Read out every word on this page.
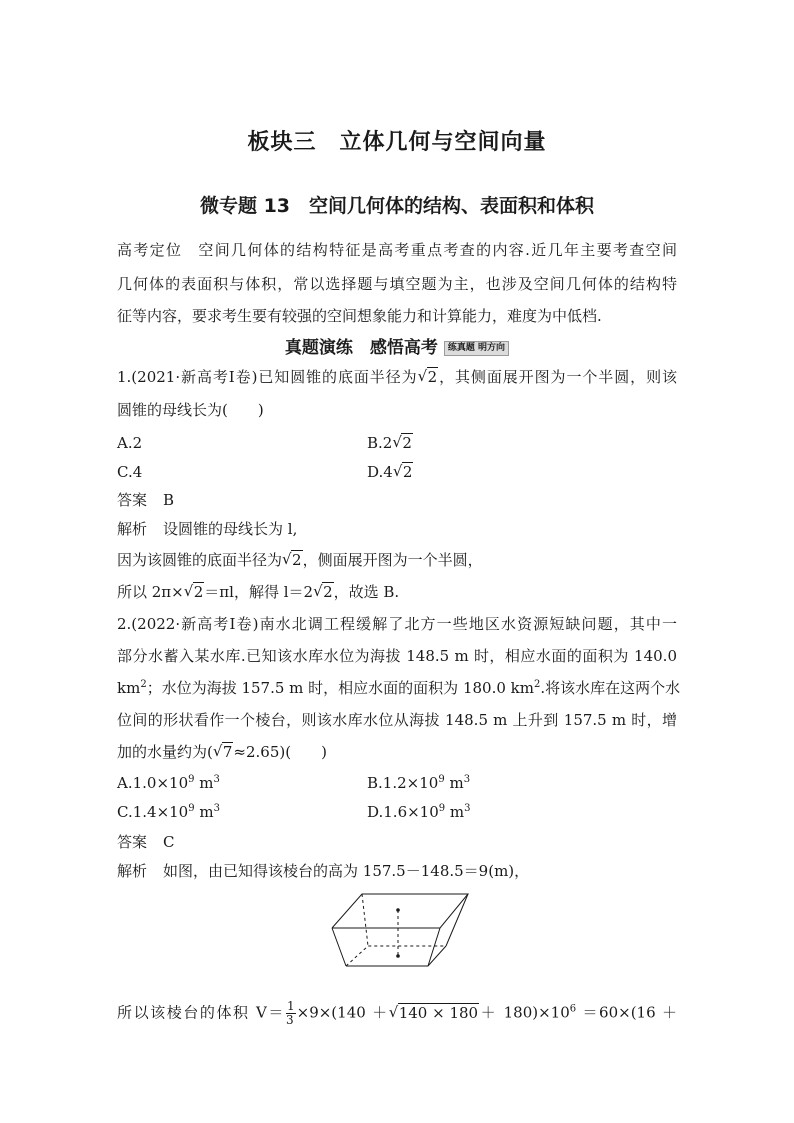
板块三　立体几何与空间向量
微专题 13　空间几何体的结构、表面积和体积
高考定位 空间几何体的结构特征是高考重点考查的内容.近几年主要考查空间
几何体的表面积与体积，常以选择题与填空题为主，也涉及空间几何体的结构特
征等内容，要求考生要有较强的空间想象能力和计算能力，难度为中低档.
真题演练　感悟高考 练真题 明方向
1.(2021·新高考Ⅰ卷)已知圆锥的底面半径为 √ 2，其侧面展开图为一个半圆，则该
圆锥的母线长为(　　)
A.2	B.2 √ 2
C.4	D.4 √ 2
答案 B
解析 设圆锥的母线长为 l,
因为该圆锥的底面半径为 √ 2，侧面展开图为一个半圆，
所以 2π× √ 2＝πl，解得 l＝2 √ 2，故选 B.
2.(2022·新高考Ⅰ卷)南水北调工程缓解了北方一些地区水资源短缺问题，其中一
部分水蓄入某水库.已知该水库水位为海拔 148.5 m 时，相应水面的面积为 140.0
$km^2$；水位为海拔 157.5 m 时，相应水面的面积为 180.0 $km^2$.将该水库在这两个水
位间的形状看作一个棱台，则该水库水位从海拔 148.5 m 上升到 157.5 m 时，增
加的水量约为( √ 7≈2.65)(　　)
$A.1.0\times 10^9$ $m^3$	$B.1.2\times 10^9$ $m^3$
$C.1.4\times 10^9$ $m^3$	$D.1.6\times 10^9$ $m^3$
答案 C
解析 如图，由已知得该棱台的高为 157.5－148.5＝9(m)，
所以该棱台的体积 $V= \frac{1}{3} \times 9\times(140$ ＋ √ $140 \times 180+ 180)\times 10^6 =60\times(16$ ＋
